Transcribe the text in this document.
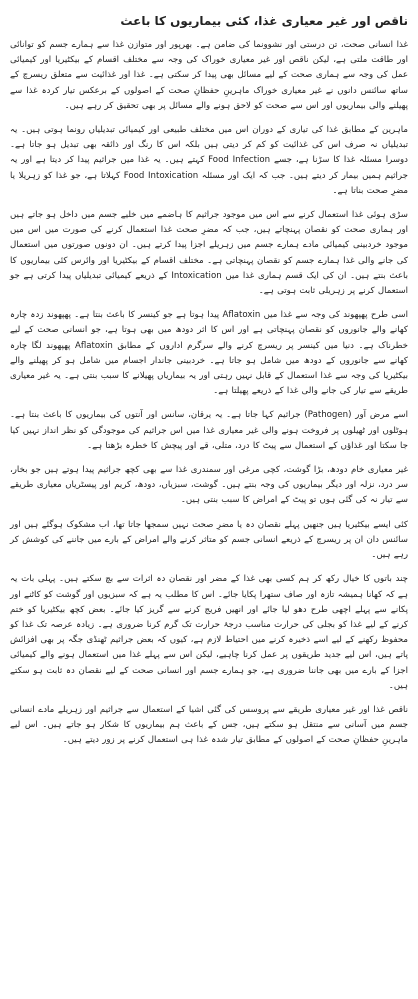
ناقص اور غیر معیاری غذا، کئی بیماریوں کا باعث

غذا انسانی صحت، تن درستی اور نشوونما کی ضامن ہے۔ بھرپور اور متوازن غذا سے ہمارے جسم کو توانائی اور طاقت ملتی ہے، لیکن ناقص اور غیر معیاری خوراک کی وجہ سے مختلف اقسام کے بیکٹیریا اور کیمیائی عمل کی وجہ سے ہماری صحت کے لیے مسائل بھی پیدا کر سکتی ہے۔ غذا اور غذائیت سے متعلق ریسرچ کے ساتھ سائنس دانوں نے غیر معیاری خوراک ماہرینِ حفظانِ صحت کے اصولوں کے برعکس تیار کردہ غذا سے پھیلنے والی بیماریوں اور اس سے صحت کو لاحق ہونے والے مسائل پر بھی تحقیق کر رہے ہیں۔

ماہرین کے مطابق غذا کی تیاری کے دوران اس میں مختلف طبیعی اور کیمیائی تبدیلیاں رونما ہوتی ہیں۔ یہ تبدیلیاں نہ صرف اس کی غذائیت کو کم کر دیتی ہیں بلکہ اس کا رنگ اور ذائقہ بھی تبدیل ہو جاتا ہے۔ دوسرا مسئلہ غذا کا سڑنا ہے، جسے Food Infection کہتے ہیں۔ یہ غذا میں جراثیم پیدا کر دیتا ہے اور یہ جراثیم ہمیں بیمار کر دیتے ہیں۔ جب کہ ایک اور مسئلہ Food Intoxication کہلاتا ہے، جو غذا کو زہریلا یا مضرِ صحت بناتا ہے۔

سڑی ہوئی غذا استعمال کرنے سے اس میں موجود جراثیم کا ہاضمے میں خلیے جسم میں داخل ہو جاتے ہیں اور ہماری صحت کو نقصان پہنچاتے ہیں، جب کہ مضرِ صحت غذا استعمال کرنے کی صورت میں اس میں موجود خردبینی کیمیائی مادے ہمارے جسم میں زہریلے اجزا پیدا کرتے ہیں۔ ان دونوں صورتوں میں استعمال کی جانے والی غذا ہمارے جسم کو نقصان پہنچاتی ہے۔ مختلف اقسام کے بیکٹیریا اور وائرس کئی بیماریوں کا باعث بنتے ہیں۔ ان کی ایک قسم ہماری غذا میں Intoxication کے ذریعے کیمیائی تبدیلیاں پیدا کرتی ہے جو استعمال کرنے پر زہریلی ثابت ہوتی ہے۔

اسی طرح پھپھوند کی وجہ سے غذا میں Aflatoxin پیدا ہوتا ہے جو کینسر کا باعث بنتا ہے۔ پھپھوند زدہ چارہ کھانے والے جانوروں کو نقصان پہنچاتی ہے اور اس کا اثر دودھ میں بھی ہوتا ہے، جو انسانی صحت کے لیے خطرناک ہے۔ دنیا میں کینسر پر ریسرچ کرنے والے سرگرم اداروں کے مطابق Aflatoxin پھپھوند لگا چارہ کھانے سے جانوروں کے دودھ میں شامل ہو جاتا ہے۔ خردبینی جاندار اجسام میں شامل ہو کر پھیلنے والے بیکٹیریا کی وجہ سے غذا استعمال کے قابل نہیں رہتی اور یہ بیماریاں پھیلانے کا سبب بنتی ہے۔ یہ غیر معیاری طریقے سے تیار کی جانے والی غذا کے ذریعے پھیلتا ہے۔

اسے مرض آور (Pathogen) جراثیم کہا جاتا ہے۔ یہ یرقان، سانس اور آنتوں کی بیماریوں کا باعث بنتا ہے۔ ہوٹلوں اور ٹھیلوں پر فروخت ہونے والی غیر معیاری غذا میں اس جراثیم کی موجودگی کو نظر انداز نہیں کیا جا سکتا اور غذاؤں کے استعمال سے پیٹ کا درد، متلی، قے اور پیچش کا خطرہ بڑھتا ہے۔

غیر معیاری خام دودھ، بڑا گوشت، کچی مرغی اور سمندری غذا سے بھی کچھ جراثیم پیدا ہوتے ہیں جو بخار، سر درد، نزلہ اور دیگر بیماریوں کی وجہ بنتے ہیں۔ گوشت، سبزیاں، دودھ، کریم اور پیسٹریاں معیاری طریقے سے تیار نہ کی گئی ہوں تو پیٹ کے امراض کا سبب بنتی ہیں۔

کئی ایسے بیکٹیریا ہیں جنھیں پہلے نقصان دہ یا مضرِ صحت نہیں سمجھا جاتا تھا، اب مشکوک ہوگئے ہیں اور سائنس دان ان پر ریسرچ کے ذریعے انسانی جسم کو متاثر کرنے والے امراض کے بارے میں جاننے کی کوشش کر رہے ہیں۔

چند باتوں کا خیال رکھ کر ہم کسی بھی غذا کے مضر اور نقصان دہ اثرات سے بچ سکتے ہیں۔ پہلی بات یہ ہے کہ کھانا ہمیشہ تازہ اور صاف ستھرا پکایا جائے۔ اس کا مطلب یہ ہے کہ سبزیوں اور گوشت کو کاٹنے اور پکانے سے پہلے اچھی طرح دھو لیا جائے اور انھیں فریج کرنے سے گریز کیا جائے۔ بعض کچھ بیکٹیریا کو ختم کرنے کے لیے غذا کو بجلی کی حرارت مناسب درجۂ حرارت تک گرم کرنا ضروری ہے۔ زیادہ عرصہ تک غذا کو محفوظ رکھنے کے لیے اسے ذخیرہ کرنے میں احتیاط لازم ہے، کیوں کہ بعض جراثیم ٹھنڈی جگہ پر بھی افزائش پاتے ہیں، اس لیے جدید طریقوں پر عمل کرنا چاہیے، لیکن اس سے پہلے غذا میں استعمال ہونے والے کیمیائی اجزا کے بارے میں بھی جاننا ضروری ہے، جو ہمارے جسم اور انسانی صحت کے لیے نقصان دہ ثابت ہو سکتے ہیں۔

ناقص غذا اور غیر معیاری طریقے سے پروسس کی گئی اشیا کے استعمال سے جراثیم اور زہریلے مادے انسانی جسم میں آسانی سے منتقل ہو سکتے ہیں، جس کے باعث ہم بیماریوں کا شکار ہو جاتے ہیں۔ اس لیے ماہرینِ حفظانِ صحت کے اصولوں کے مطابق تیار شدہ غذا ہی استعمال کرنے پر زور دیتے ہیں۔
